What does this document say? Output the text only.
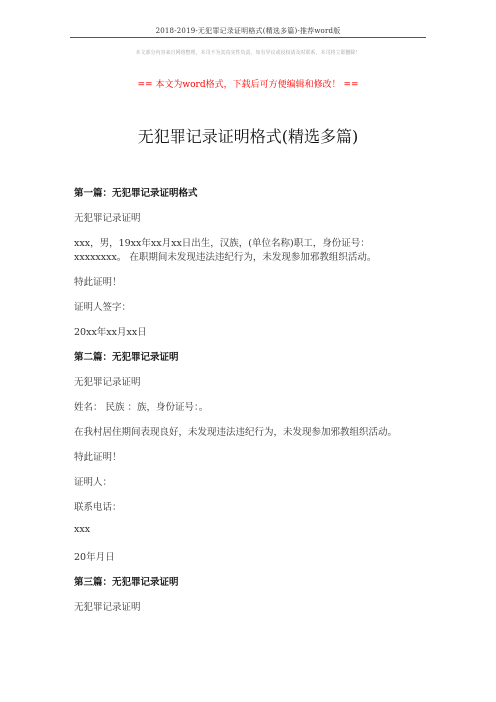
2018-2019-无犯罪记录证明格式(精选多篇)-推荐word版
本文部分内容来自网络整理，本司不为其真实性负责，如有异议或侵权请及时联系，本司将立即删除！
== 本文为word格式，下载后可方便编辑和修改！ ==
无犯罪记录证明格式(精选多篇)
第一篇：无犯罪记录证明格式
无犯罪记录证明
xxx，男，19xx年xx月xx日出生，汉族，(单位名称)职工，身份证号：
xxxxxxxx。 在职期间未发现违法违纪行为，未发现参加邪教组织活动。
特此证明！
证明人签字：
20xx年xx月xx日
第二篇：无犯罪记录证明
无犯罪记录证明
姓名： 民族 ：族，身份证号：。
在我村居住期间表现良好，未发现违法违纪行为，未发现参加邪教组织活动。
特此证明！
证明人：
联系电话：
xxx
20年月日
第三篇：无犯罪记录证明
无犯罪记录证明
